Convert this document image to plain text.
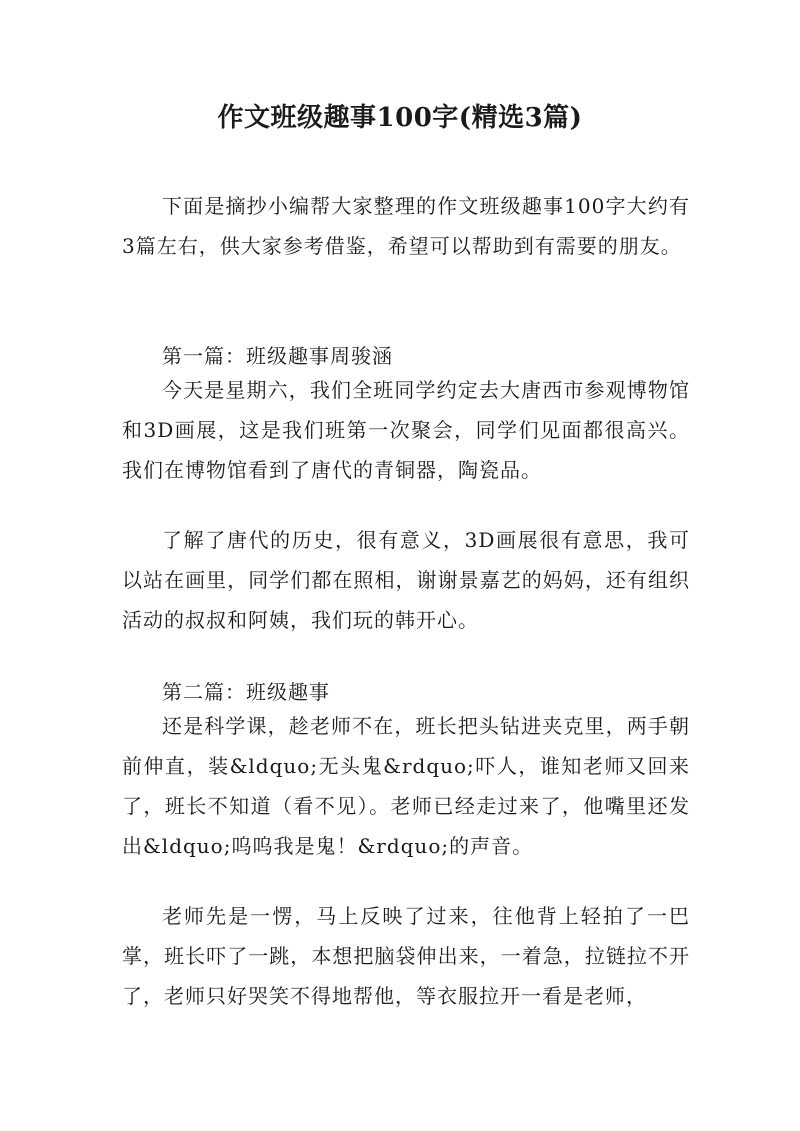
作文班级趣事100字(精选3篇)
下面是摘抄小编帮大家整理的作文班级趣事100字大约有3篇左右，供大家参考借鉴，希望可以帮助到有需要的朋友。
第一篇：班级趣事周骏涵
今天是星期六，我们全班同学约定去大唐西市参观博物馆和3D画展，这是我们班第一次聚会，同学们见面都很高兴。我们在博物馆看到了唐代的青铜器，陶瓷品。
了解了唐代的历史，很有意义，3D画展很有意思，我可以站在画里，同学们都在照相，谢谢景嘉艺的妈妈，还有组织活动的叔叔和阿姨，我们玩的韩开心。
第二篇：班级趣事
还是科学课，趁老师不在，班长把头钻进夹克里，两手朝前伸直，装&ldquo;无头鬼&rdquo;吓人，谁知老师又回来了，班长不知道（看不见）。老师已经走过来了，他嘴里还发出&ldquo;呜呜我是鬼！&rdquo;的声音。
老师先是一愣，马上反映了过来，往他背上轻拍了一巴掌，班长吓了一跳，本想把脑袋伸出来，一着急，拉链拉不开了，老师只好哭笑不得地帮他，等衣服拉开一看是老师，
